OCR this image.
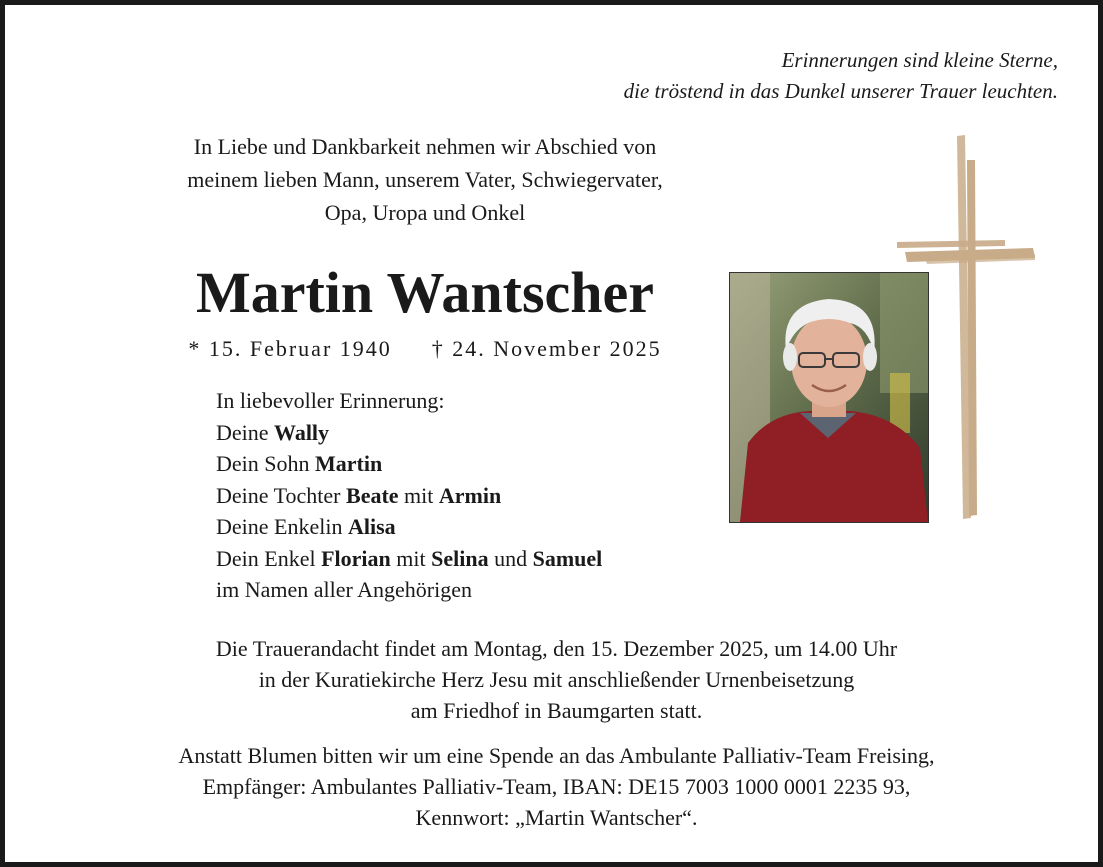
Erinnerungen sind kleine Sterne,
die tröstend in das Dunkel unserer Trauer leuchten.
In Liebe und Dankbarkeit nehmen wir Abschied von
meinem lieben Mann, unserem Vater, Schwiegervater,
Opa, Uropa und Onkel
Martin Wantscher
* 15. Februar 1940 † 24. November 2025
In liebevoller Erinnerung:
Deine Wally
Dein Sohn Martin
Deine Tochter Beate mit Armin
Deine Enkelin Alisa
Dein Enkel Florian mit Selina und Samuel
im Namen aller Angehörigen
Die Trauerandacht findet am Montag, den 15. Dezember 2025, um 14.00 Uhr
in der Kuratiekirche Herz Jesu mit anschließender Urnenbeisetzung
am Friedhof in Baumgarten statt.
Anstatt Blumen bitten wir um eine Spende an das Ambulante Palliativ-Team Freising,
Empfänger: Ambulantes Palliativ-Team, IBAN: DE15 7003 1000 0001 2235 93,
Kennwort: „Martin Wantscher“.
